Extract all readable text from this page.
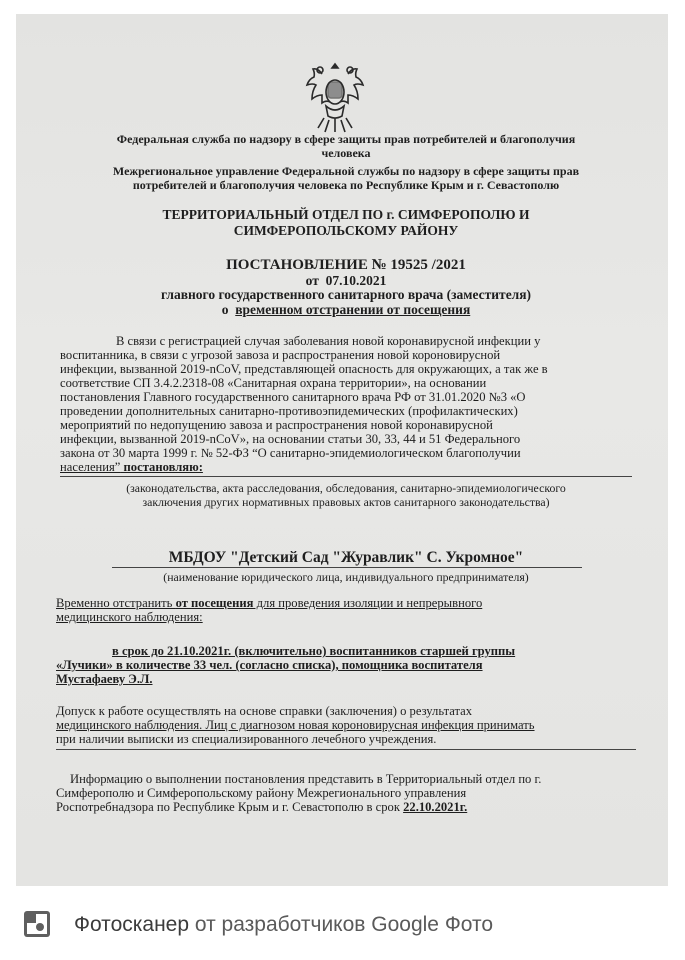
Федеральная служба по надзору в сфере защиты прав потребителей и благополучия
человека
Межрегиональное управление Федеральной службы по надзору в сфере защиты прав
потребителей и благополучия человека по Республике Крым и г. Севастополю
ТЕРРИТОРИАЛЬНЫЙ ОТДЕЛ ПО г. СИМФЕРОПОЛЮ И
СИМФЕРОПОЛЬСКОМУ РАЙОНУ
ПОСТАНОВЛЕНИЕ № 19525 /2021
от 07.10.2021
главного государственного санитарного врача (заместителя)
о временном отстранении от посещения
В связи с регистрацией случая заболевания новой коронавирусной инфекции у
воспитанника, в связи с угрозой завоза и распространения новой короновирусной
инфекции, вызванной 2019-nCoV, представляющей опасность для окружающих, а так же в
соответствие СП 3.4.2.2318-08 «Санитарная охрана территории», на основании
постановления Главного государственного санитарного врача РФ от 31.01.2020 №3 «О
проведении дополнительных санитарно-противоэпидемических (профилактических)
мероприятий по недопущению завоза и распространения новой коронавирусной
инфекции, вызванной 2019-nCoV», на основании статьи 30, 33, 44 и 51 Федерального
закона от 30 марта 1999 г. № 52-ФЗ “О санитарно-эпидемиологическом благополучии
населения” постановляю:
(законодательства, акта расследования, обследования, санитарно-эпидемиологического
заключения других нормативных правовых актов санитарного законодательства)
МБДОУ "Детский Сад "Журавлик" С. Укромное"
(наименование юридического лица, индивидуального предпринимателя)
Временно отстранить от посещения для проведения изоляции и непрерывного
медицинского наблюдения:
в срок до 21.10.2021г. (включительно) воспитанников старшей группы
«Лучики» в количестве 33 чел. (согласно списка), помощника воспитателя
Мустафаеву Э.Л.
Допуск к работе осуществлять на основе справки (заключения) о результатах
медицинского наблюдения. Лиц с диагнозом новая короновирусная инфекция принимать
при наличии выписки из специализированного лечебного учреждения.
Информацию о выполнении постановления представить в Территориальный отдел по г.
Симферополю и Симферопольскому району Межрегионального управления
Роспотребнадзора по Республике Крым и г. Севастополю в срок 22.10.2021г.
Фотосканер от разработчиков Google Фото
